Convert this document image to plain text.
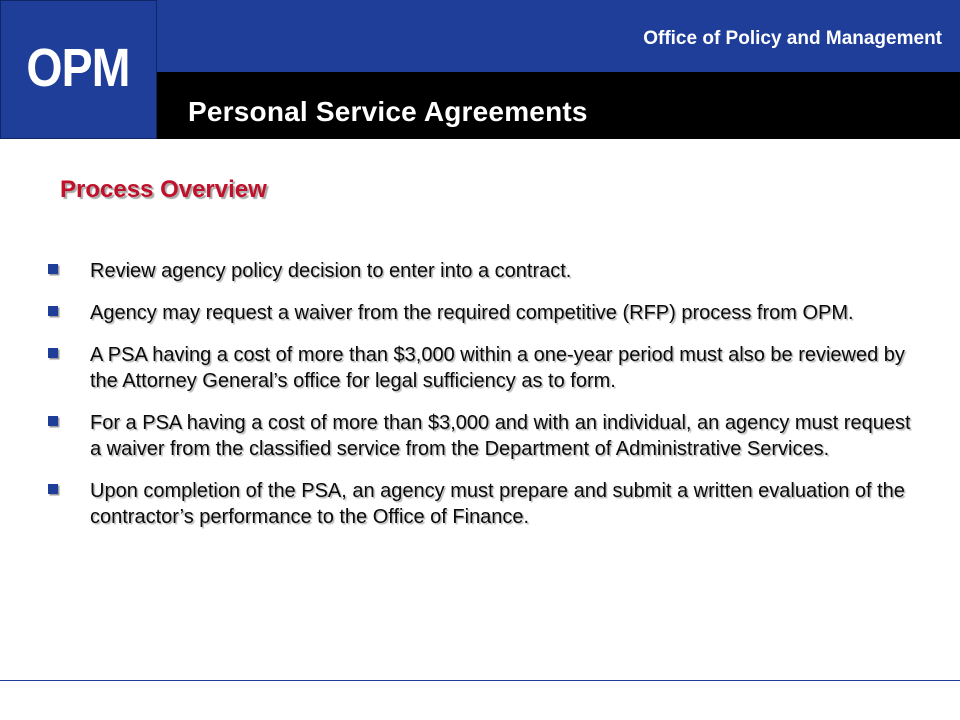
OPM	Office of Policy and Management
Personal Service Agreements
Process Overview
Review agency policy decision to enter into a contract.
Agency may request a waiver from the required competitive (RFP) process from OPM.
A PSA having a cost of more than $3,000 within a one-year period must also be reviewed by the Attorney General’s office for legal sufficiency as to form.
For a PSA having a cost of more than $3,000 and with an individual, an agency must request a waiver from the classified service from the Department of Administrative Services.
Upon completion of the PSA, an agency must prepare and submit a written evaluation of the contractor’s performance to the Office of Finance.
